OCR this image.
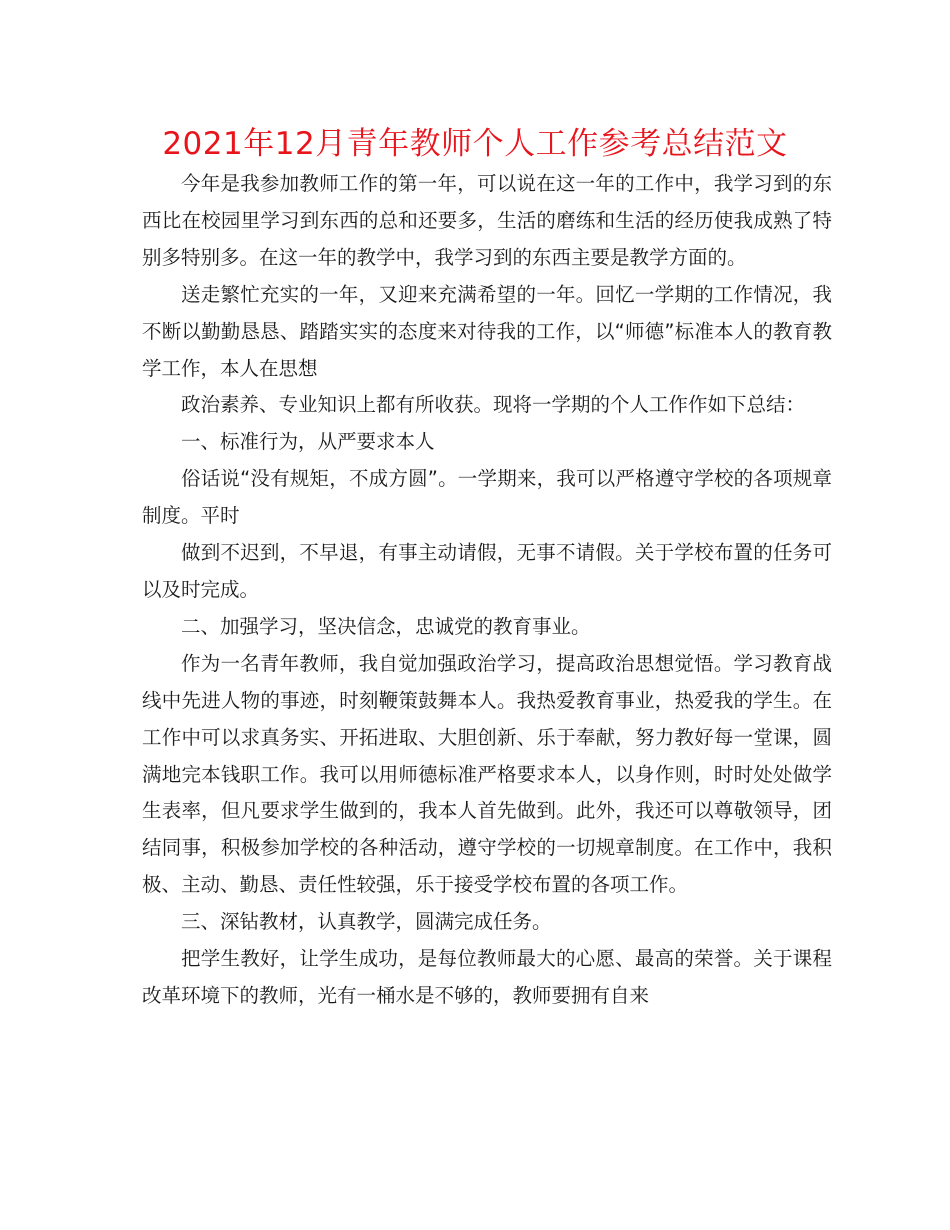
2021年12月青年教师个人工作参考总结范文

今年是我参加教师工作的第一年，可以说在这一年的工作中，我学习到的东西比在校园里学习到东西的总和还要多，生活的磨练和生活的经历使我成熟了特别多特别多。在这一年的教学中，我学习到的东西主要是教学方面的。

送走繁忙充实的一年，又迎来充满希望的一年。回忆一学期的工作情况，我不断以勤勤恳恳、踏踏实实的态度来对待我的工作，以“师德”标准本人的教育教学工作，本人在思想

政治素养、专业知识上都有所收获。现将一学期的个人工作作如下总结：

一、标准行为，从严要求本人

俗话说“没有规矩，不成方圆”。一学期来，我可以严格遵守学校的各项规章制度。平时

做到不迟到，不早退，有事主动请假，无事不请假。关于学校布置的任务可以及时完成。

二、加强学习，坚决信念，忠诚党的教育事业。

作为一名青年教师，我自觉加强政治学习，提高政治思想觉悟。学习教育战线中先进人物的事迹，时刻鞭策鼓舞本人。我热爱教育事业，热爱我的学生。在工作中可以求真务实、开拓进取、大胆创新、乐于奉献，努力教好每一堂课，圆满地完本钱职工作。我可以用师德标准严格要求本人，以身作则，时时处处做学生表率，但凡要求学生做到的，我本人首先做到。此外，我还可以尊敬领导，团结同事，积极参加学校的各种活动，遵守学校的一切规章制度。在工作中，我积极、主动、勤恳、责任性较强，乐于接受学校布置的各项工作。

三、深钻教材，认真教学，圆满完成任务。

把学生教好，让学生成功，是每位教师最大的心愿、最高的荣誉。关于课程改革环境下的教师，光有一桶水是不够的，教师要拥有自来
